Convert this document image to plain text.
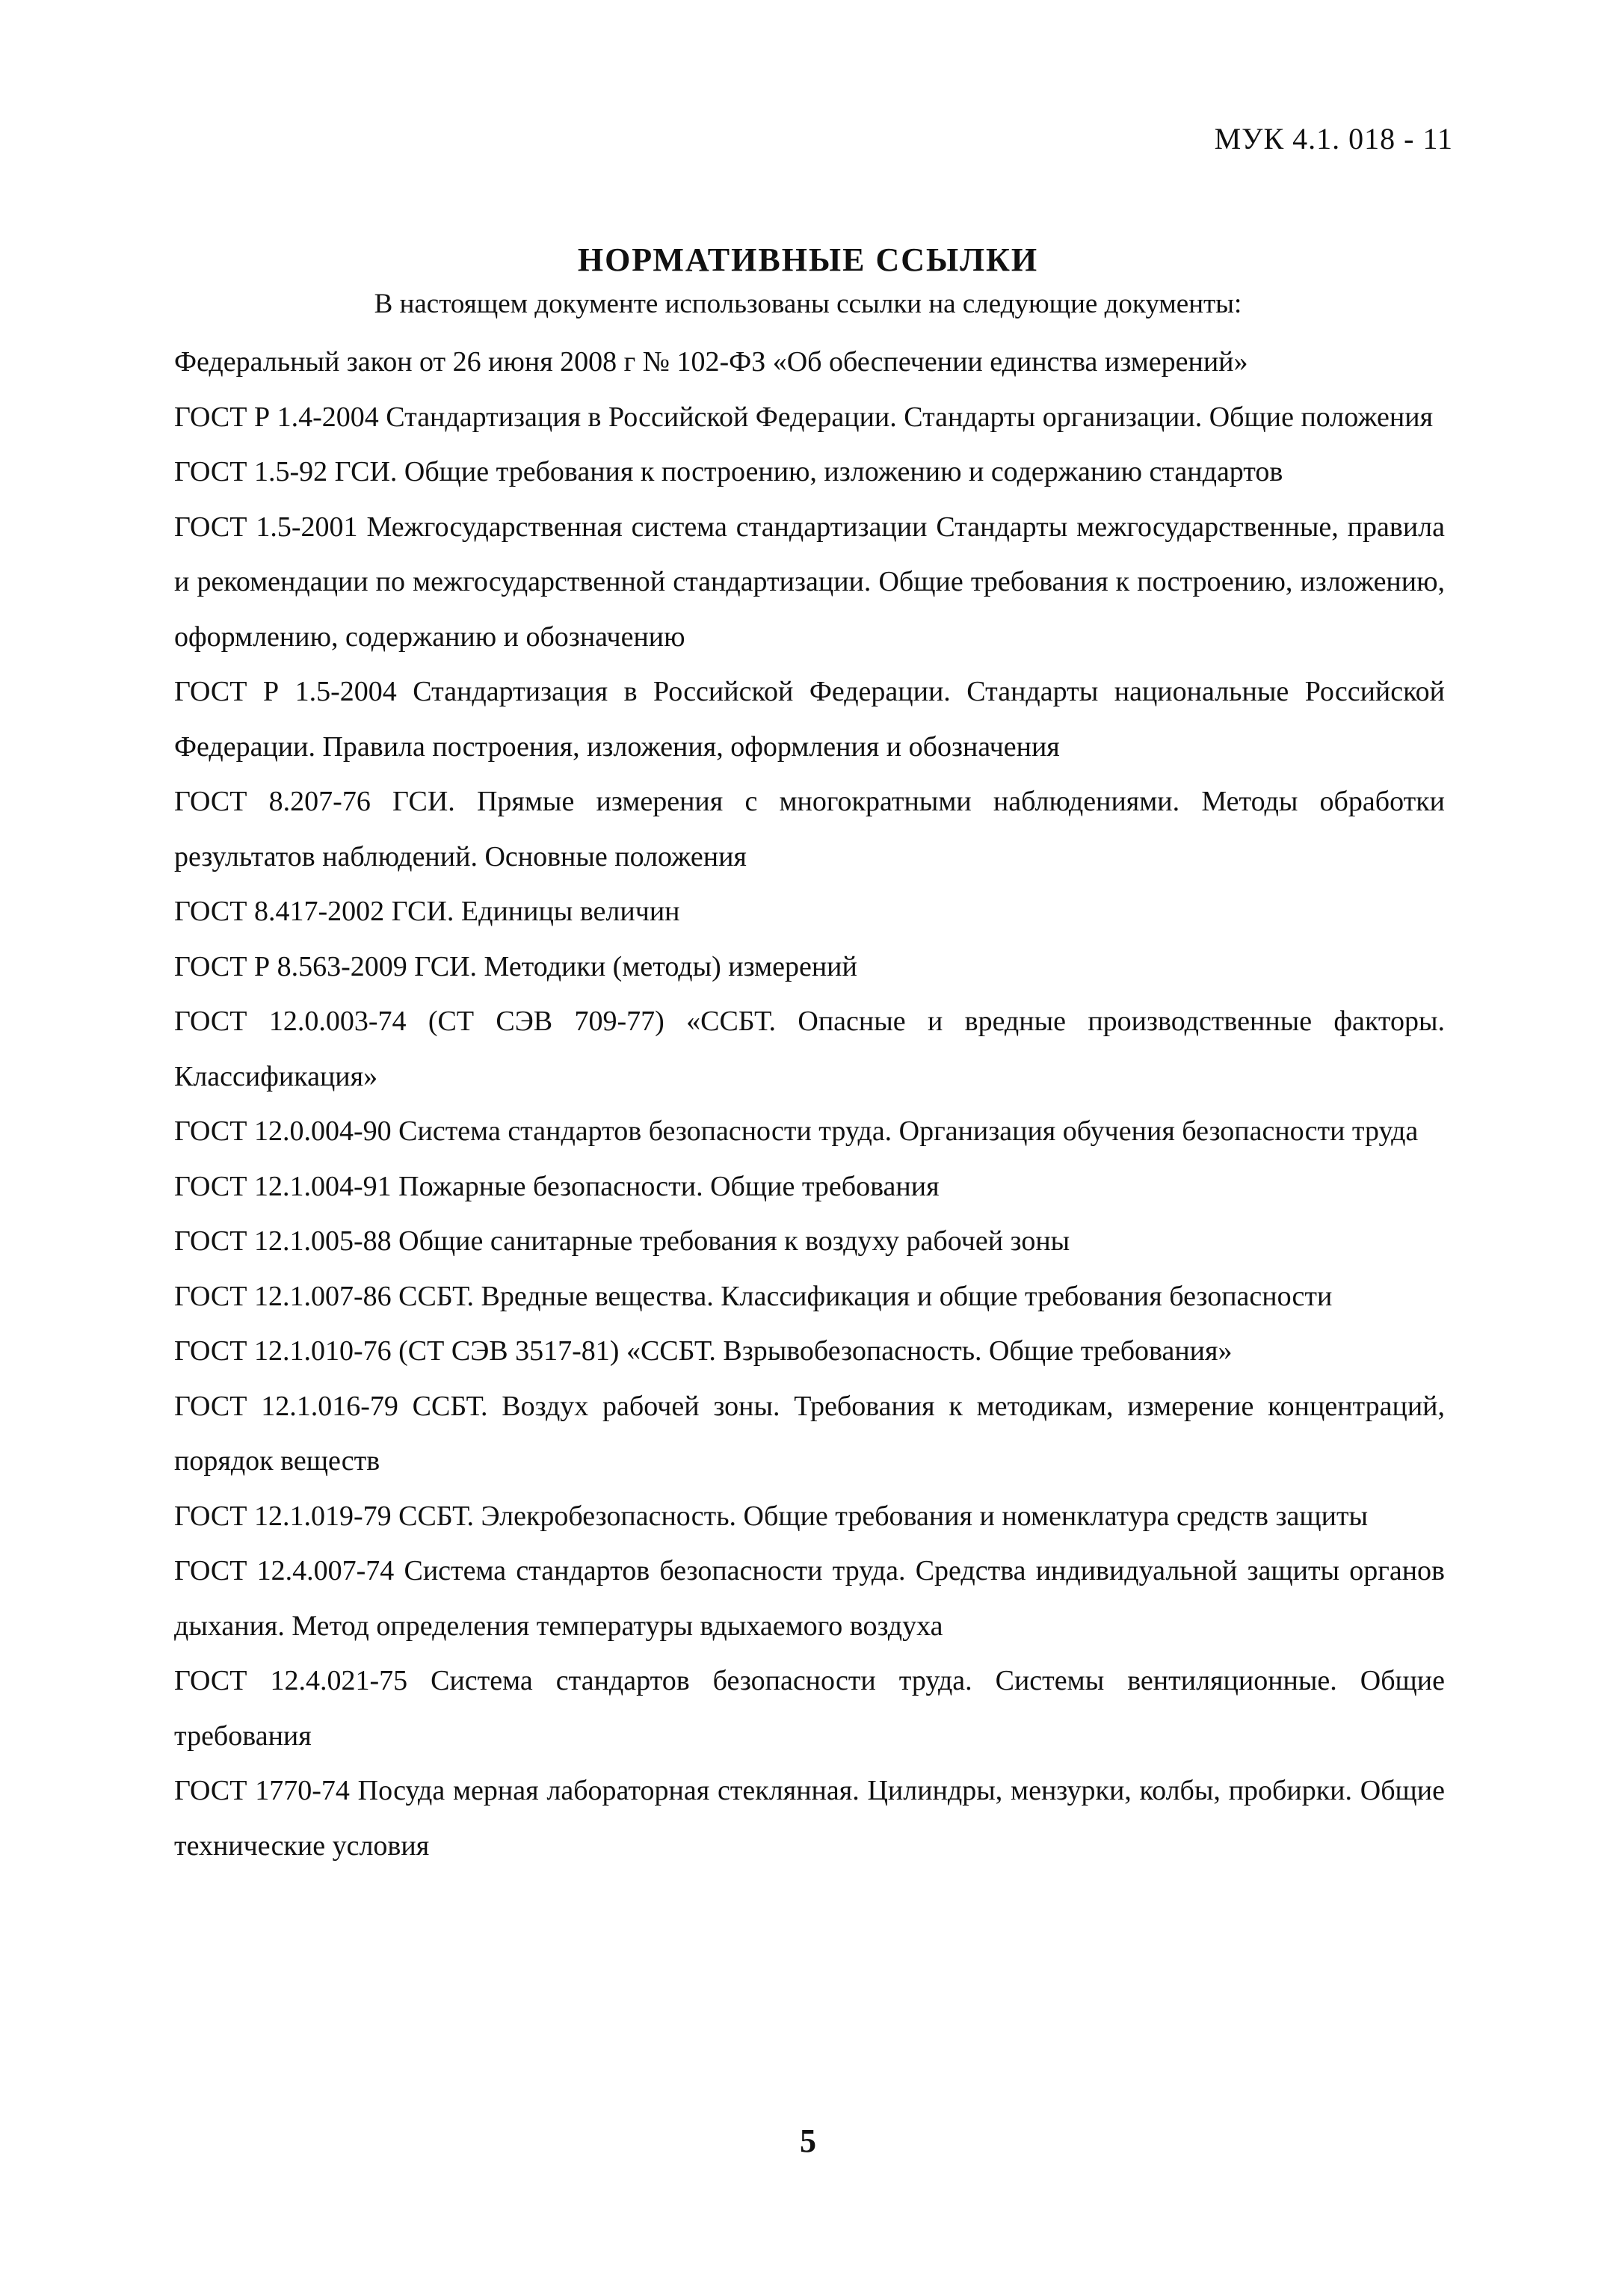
МУК 4.1. 018 - 11
НОРМАТИВНЫЕ ССЫЛКИ
В настоящем документе использованы ссылки на следующие документы:

Федеральный закон от 26 июня 2008 г № 102-ФЗ «Об обеспечении единства измерений»

ГОСТ Р 1.4-2004 Стандартизация в Российской Федерации. Стандарты организации. Общие положения

ГОСТ 1.5-92 ГСИ. Общие требования к построению, изложению и содержанию стандартов

ГОСТ 1.5-2001 Межгосударственная система стандартизации Стандарты межгосударственные, правила и рекомендации по межгосударственной стандартизации. Общие требования к построению, изложению, оформлению, содержанию и обозначению

ГОСТ Р 1.5-2004 Стандартизация в Российской Федерации. Стандарты национальные Российской Федерации. Правила построения, изложения, оформления и обозначения

ГОСТ 8.207-76 ГСИ. Прямые измерения с многократными наблюдениями. Методы обработки результатов наблюдений. Основные положения

ГОСТ 8.417-2002 ГСИ. Единицы величин

ГОСТ Р 8.563-2009 ГСИ. Методики (методы) измерений

ГОСТ 12.0.003-74 (СТ СЭВ 709-77) «ССБТ. Опасные и вредные производственные факторы. Классификация»

ГОСТ 12.0.004-90 Система стандартов безопасности труда. Организация обучения безопасности труда

ГОСТ 12.1.004-91 Пожарные безопасности. Общие требования

ГОСТ 12.1.005-88 Общие санитарные требования к воздуху рабочей зоны

ГОСТ 12.1.007-86 ССБТ. Вредные вещества. Классификация и общие требования безопасности

ГОСТ 12.1.010-76 (СТ СЭВ 3517-81) «ССБТ. Взрывобезопасность. Общие требования»

ГОСТ 12.1.016-79 ССБТ. Воздух рабочей зоны. Требования к методикам, измерение концентраций, порядок веществ

ГОСТ 12.1.019-79 ССБТ. Элекробезопасность. Общие требования и номенклатура средств защиты

ГОСТ 12.4.007-74 Система стандартов безопасности труда. Средства индивидуальной защиты органов дыхания. Метод определения температуры вдыхаемого воздуха

ГОСТ 12.4.021-75 Система стандартов безопасности труда. Системы вентиляционные. Общие требования

ГОСТ 1770-74 Посуда мерная лабораторная стеклянная. Цилиндры, мензурки, колбы, пробирки. Общие технические условия

5
